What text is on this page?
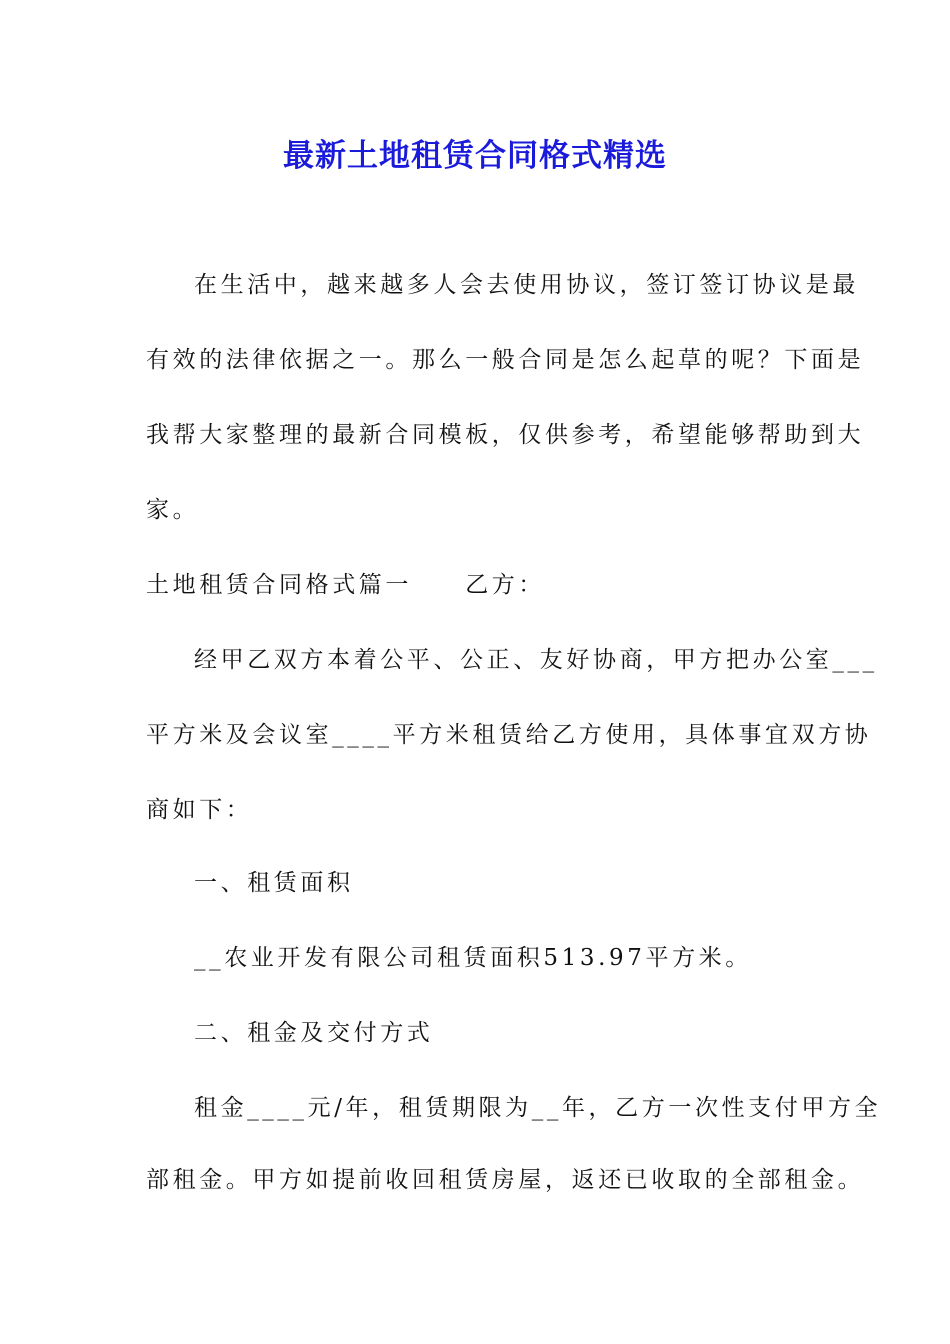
最新土地租赁合同格式精选
在生活中，越来越多人会去使用协议，签订签订协议是最
有效的法律依据之一。那么一般合同是怎么起草的呢？下面是
我帮大家整理的最新合同模板，仅供参考，希望能够帮助到大
家。
土地租赁合同格式篇一　　乙方：
经甲乙双方本着公平、公正、友好协商，甲方把办公室___
平方米及会议室____平方米租赁给乙方使用，具体事宜双方协
商如下：
一、租赁面积
__农业开发有限公司租赁面积513.97平方米。
二、租金及交付方式
租金____元/年，租赁期限为__年，乙方一次性支付甲方全
部租金。甲方如提前收回租赁房屋，返还已收取的全部租金。
